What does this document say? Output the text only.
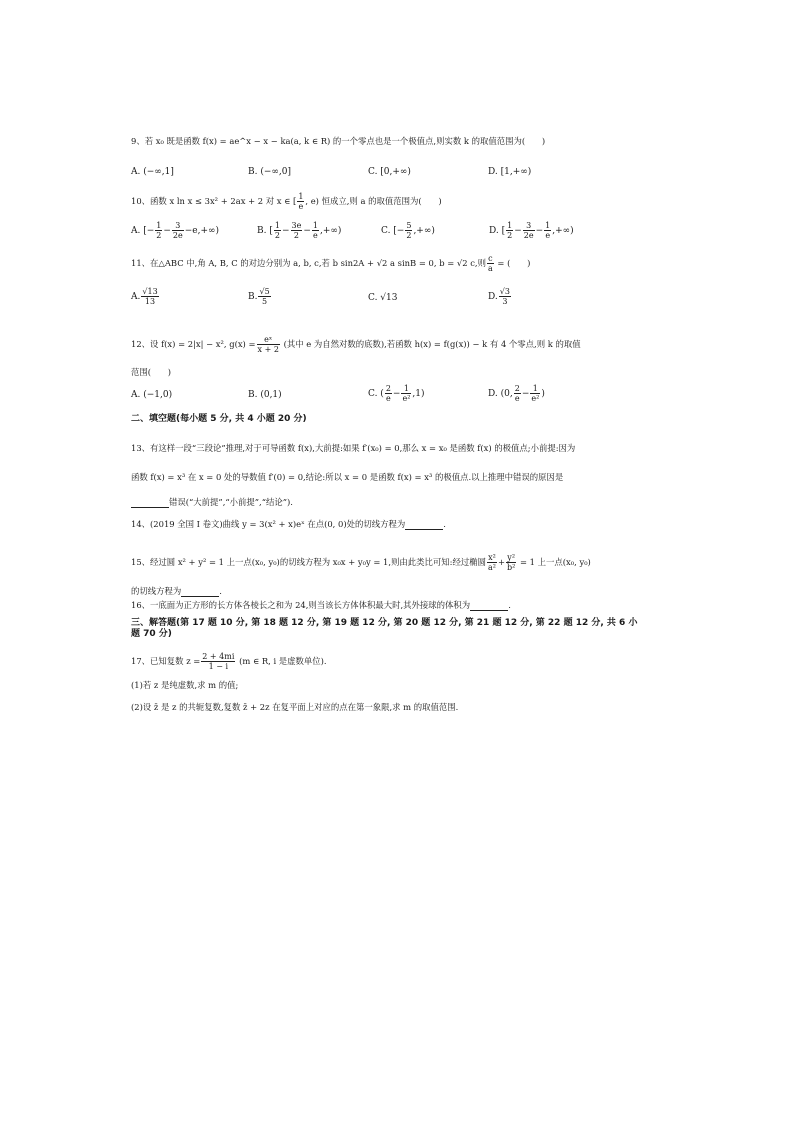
9、若 x₀ 既是函数 f(x) = ae^x − x − ka(a, k ∈ R) 的一个零点也是一个极值点,则实数 k 的取值范围为(　　)
A. (−∞,1]	B. (−∞,0]	C. [0,+∞)	D. [1,+∞)
10、函数 x ln x ≤ 3x² + 2ax + 2 对 x ∈ [ $\frac{1}{e}$ , e) 恒成立,则 a 的取值范围为(　　)
A. [− $\frac{1}{2} - \frac{3}{2e} -e,+\infty$)	B. [ $\frac{1}{2} - \frac{3e}{2} - \frac{1}{e}$ ,+∞)	C. [− $\frac{5}{2}$ ,+∞)	D. [ $\frac{1}{2} - \frac{3}{2e} - \frac{1}{e}$ ,+∞)
11、在△ABC 中,角 A, B, C 的对边分别为 a, b, c,若 b sin2A + √2 a sinB = 0, b = √2 c,则 $\frac{c}{a}$ = (　　)
A. $\frac{√13}{13}$	B. $\frac{√5}{5}$	C. √13	D. $\frac{√3}{3}$
12、设 f(x) = 2|x| − x², $g(x) = \frac{\text{eˣ}}{x + 2}$ (其中 e 为自然对数的底数),若函数 h(x) = f(g(x)) − k 有 4 个零点,则 k 的取值
范围(　　)
A. (−1,0)	B. (0,1)	C. ( $\frac{2}{e} - \frac{1}{\text{e²}} ,1$)	D. (0, $\frac{2}{e} - \frac{1}{\text{e²}}$ )
二、填空题(每小题 5 分, 共 4 小题 20 分)
13、有这样一段“三段论”推理,对于可导函数 f(x),大前提:如果 f′(x₀) = 0,那么 x = x₀ 是函数 f(x) 的极值点;小前提:因为
函数 f(x) = x³ 在 x = 0 处的导数值 f′(0) = 0,结论:所以 x = 0 是函数 f(x) = x³ 的极值点.以上推理中错误的原因是
错误(“大前提”,“小前提”,“结论”).
14、(2019 全国 I 卷文)曲线 y = 3(x² + x)eˣ 在点(0, 0)处的切线方程为	.
15、经过圆 x² + y² = 1 上一点(x₀, y₀)的切线方程为 x₀x + y₀y = 1,则由此类比可知:经过椭圆 $\frac{\text{x²}}{\text{a²}} + \frac{\text{y²}}{\text{b²}} = 1$ 上一点(x₀, y₀)
的切线方程为	.
16、一底面为正方形的长方体各棱长之和为 24,则当该长方体体积最大时,其外接球的体积为	.
三、解答题(第 17 题 10 分, 第 18 题 12 分, 第 19 题 12 分, 第 20 题 12 分, 第 21 题 12 分, 第 22 题 12 分, 共 6 小
题 70 分)
17、已知复数 $z = \frac{2 + 4mi}{1 - i} (m$ ∈ R, i 是虚数单位).
(1)若 z 是纯虚数,求 m 的值;
(2)设 z̄ 是 z 的共轭复数,复数 z̄ + 2z 在复平面上对应的点在第一象限,求 m 的取值范围.
